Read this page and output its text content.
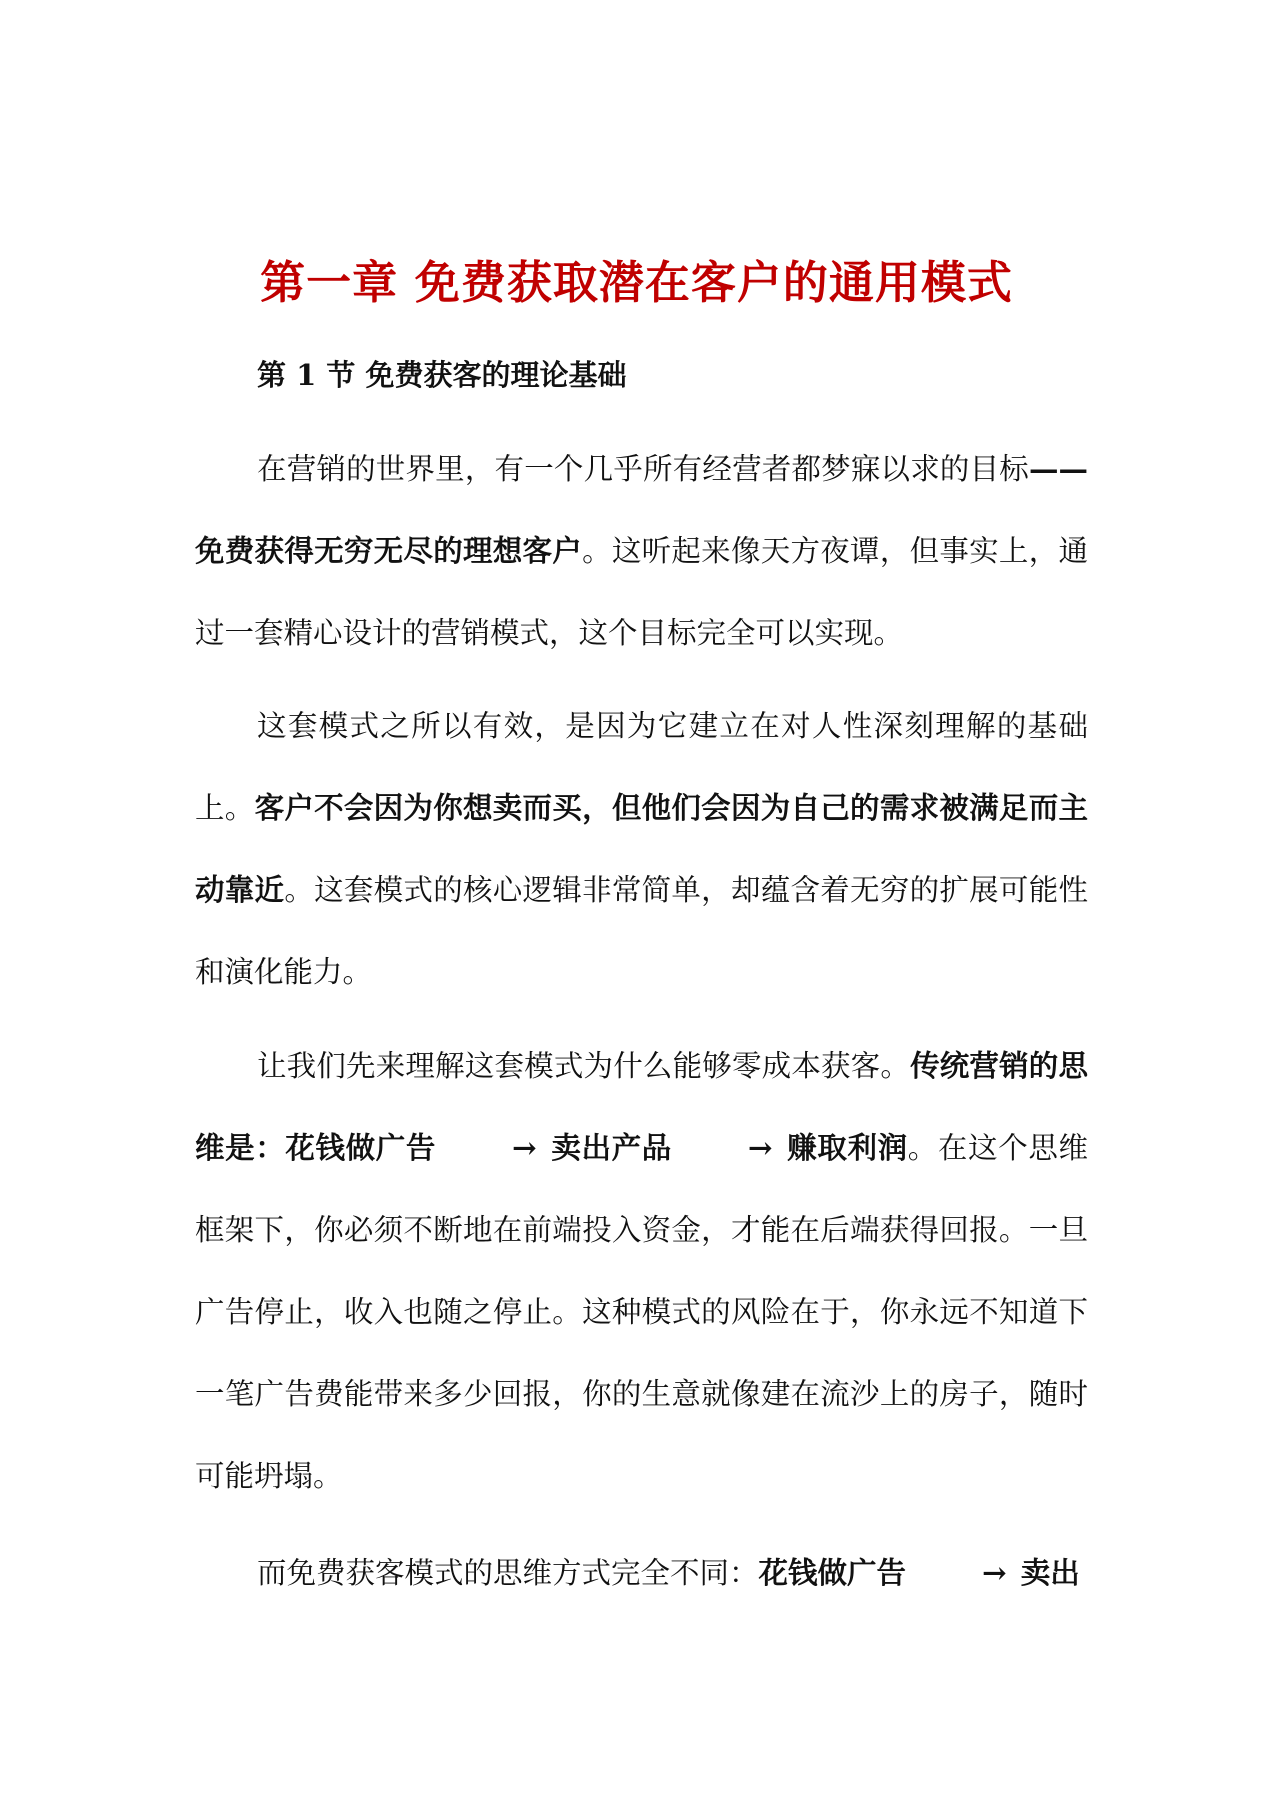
第一章 免费获取潜在客户的通用模式
第 1 节 免费获客的理论基础

在营销的世界里，有一个几乎所有经营者都梦寐以求的目标——免费获得无穷无尽的理想客户。这听起来像天方夜谭，但事实上，通过一套精心设计的营销模式，这个目标完全可以实现。

这套模式之所以有效，是因为它建立在对人性深刻理解的基础上。客户不会因为你想卖而买，但他们会因为自己的需求被满足而主动靠近。这套模式的核心逻辑非常简单，却蕴含着无穷的扩展可能性和演化能力。

让我们先来理解这套模式为什么能够零成本获客。传统营销的思维是：花钱做广告	→ 卖出产品	→ 赚取利润。在这个思维框架下，你必须不断地在前端投入资金，才能在后端获得回报。一旦广告停止，收入也随之停止。这种模式的风险在于，你永远不知道下一笔广告费能带来多少回报，你的生意就像建在流沙上的房子，随时可能坍塌。

而免费获客模式的思维方式完全不同：花钱做广告	→ 卖出
